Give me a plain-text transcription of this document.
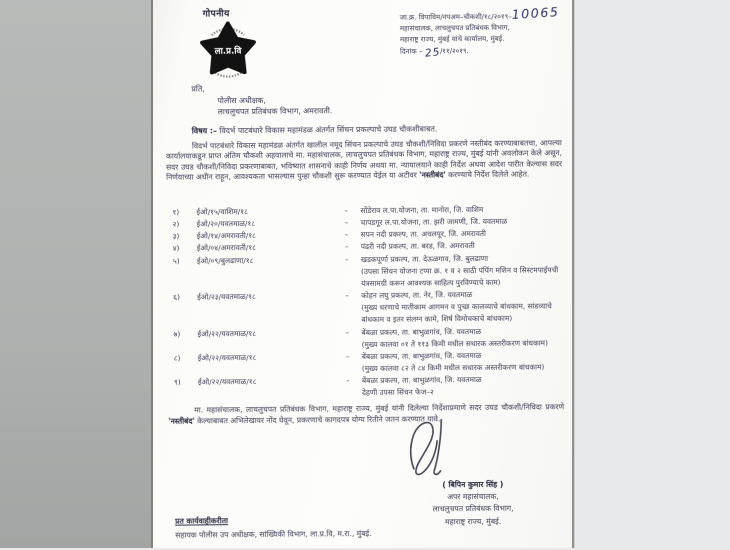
गोपनीय
ला.प्र.वि
जा.क्र. विपाविम/नपअम–चौकशी/१८/२०१९–10065
महासंचालक, लाचलुचपत प्रतिबंधक विभाग,
महाराष्ट्र राज्य, मुंबई यांचे कार्यालय, मुंबई.
दिनांक – 25/११/२०१९.
प्रति,
पोलीस अधीक्षक,
लाचलुचपत प्रतिबंधक विभाग, अमरावती.
विषय :– विदर्भ पाटबंधारे विकास महामंडळ अंतर्गत सिंचन प्रकल्पाचे उघड चौकशीबाबत.
विदर्भ पाटबंधारे विकास महामंडळ अंतर्गत खालील नमूद सिंचन प्रकल्पाचे उघड चौकशी/निविदा प्रकरणे नस्तीबंद करण्याबाबतचा, आपल्या कार्यालयाकडून प्राप्त अंतिम चौकशी अहवालाचे मा. महासंचालक, लाचलुचपत प्रतिबंधक विभाग, महाराष्ट्र राज्य, मुंबई यांनी अवलोकन केले असून, सदर उघड चौकशी/निविदा प्रकरणाबाबत, भविष्यात शासनाचे काही निर्णय अथवा मा. न्यायालयाने काही निर्देश अथवा आदेश पारीत केल्यास सदर निर्णयाच्या अधीन राहून, आवश्यकता भासल्यास पुन्हा चौकशी सुरू करण्यात येईल या अटीवर 'नस्तीबंद' करण्याचे निर्देश दिलेले आहेत.
१)	ईओ/१५/वाशिम/१८	–	सोंडेराव ल.पा.योजना, ता. मानोरा, जि. वाशिम
२)	ईओ/२०/यवतमाळ/१८	–	चापडगूर ल.पा.योजना, ता. झरी जामणी, जि. यवतमाळ
३)	ईओ/१४/अमरावती/१८	–	सपन नदी प्रकल्प, ता. अचलपूर, जि. अमरावती
४)	ईओ/०४/अमरावती/१८	–	पंढरी नदी प्रकल्प, ता. बरड, जि. अमरावती
५)	ईओ/०९/बुलढाणा/१८	–	खडकपूर्णा प्रकल्प, ता. देऊळगाव, जि. बुलढाणा
(उपसा सिंचन योजना टप्पा क्र. १ व २ साठी पंपिंग मशिन व सिस्टमपाईपची यंत्रसामग्री करून आवश्यक साहित्य पुरविण्याचे काम)
६)	ईओ/२३/यवतमाळ/१८	–	कोहन लघु प्रकल्प, ता. नेर, जि. यवतमाळ
(मुख्य धरणाचे मातीकाम आगमन व पुच्छ कालव्याचे बांधकाम, सांडव्याचे बांधकाम व इतर संलग्न कामे, शिर्ष विमोचकाचे बांधकाम)
७)	ईओ/२२/यवतमाळ/१८	–	बेंबळा प्रकल्प, ता. बाभुळगांव, जि. यवतमाळ
(मुख्य कालवा ०१ ते ११३ किमी मधील सधारक अस्तरीकरण बांधकाम)
८)	ईओ/२२/यवतमाळ/१८	–	बेंबळा प्रकल्प, ता. बाभुळगांव, जि. यवतमाळ
(मुख्य कालवा ८२ ते ८४ किमी मधील सधारक अस्तरीकरण बांधकाम)
९)	ईओ/२२/यवतमाळ/१८	–	बेंबळा प्रकल्प, ता. बाभुळगांव, जि. यवतमाळ
देहणी उपसा सिंचन फेज–२
मा. महासंचालक, लाचलुचपत प्रतिबंधक विभाग, महाराष्ट्र राज्य, मुंबई यांनी दिलेल्या निर्देशाप्रमाणे सदर उघड चौकशी/निविदा प्रकरणे 'नस्तीबंद' केल्याबाबत अभिलेखावर नोंद घेवून, प्रकरणाचे कागदपत्र योग्य रितीने जतन करण्यात यावे.
( बिपिन कुमार सिंह )
अपर महासंचालक,
लाचलुचपत प्रतिबंधक विभाग,
महाराष्ट्र राज्य, मुंबई.
प्रत कार्यवाहीकरीता
सहायक पोलीस उप अधीक्षक, सांख्यिकी विभाग, ला.प्र.वि, म.रा., मुंबई.
